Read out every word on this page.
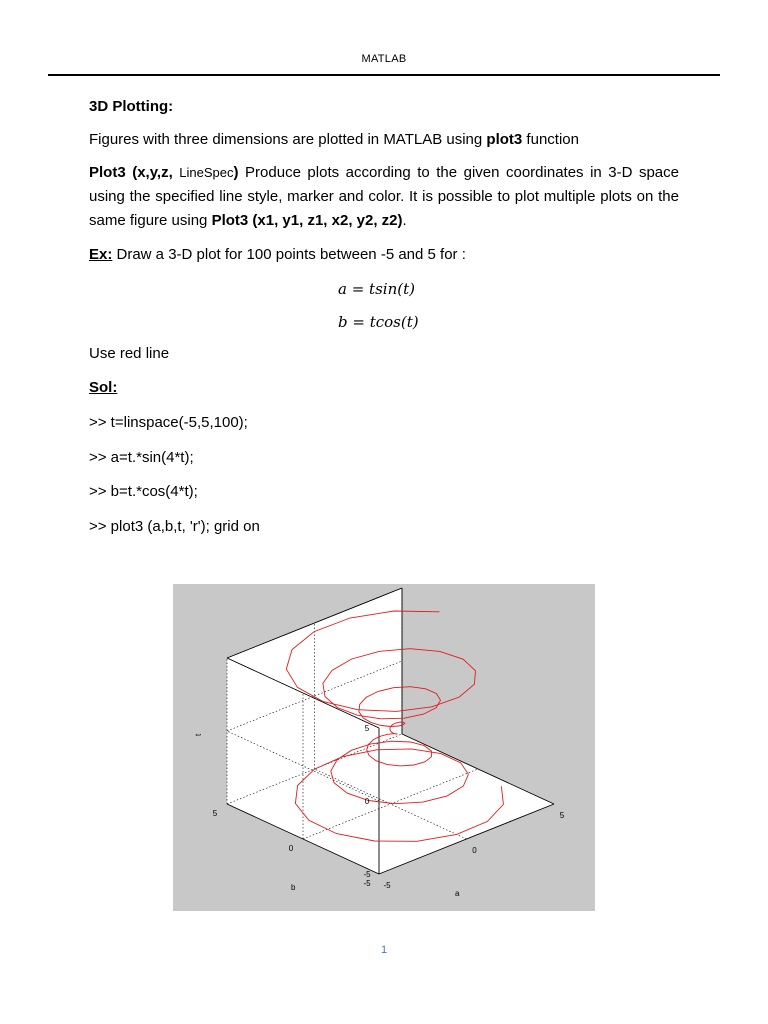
MATLAB

3D Plotting:

Figures with three dimensions are plotted in MATLAB using plot3 function

Plot3 (x,y,z, LineSpec) Produce plots according to the given coordinates in 3-D space using the specified line style, marker and color. It is possible to plot multiple plots on the same figure using Plot3 (x1, y1, z1, x2, y2, z2).

Ex: Draw a 3-D plot for 100 points between -5 and 5 for :

a = tsin(t)
b = tcos(t)
Use red line
Sol:
>> t=linspace(-5,5,100);
>> a=t.*sin(4*t);
>> b=t.*cos(4*t);
>> plot3 (a,b,t, 'r'); grid on
-5
0
5
-5
0
5
-5
0
5
t
a
b
1
